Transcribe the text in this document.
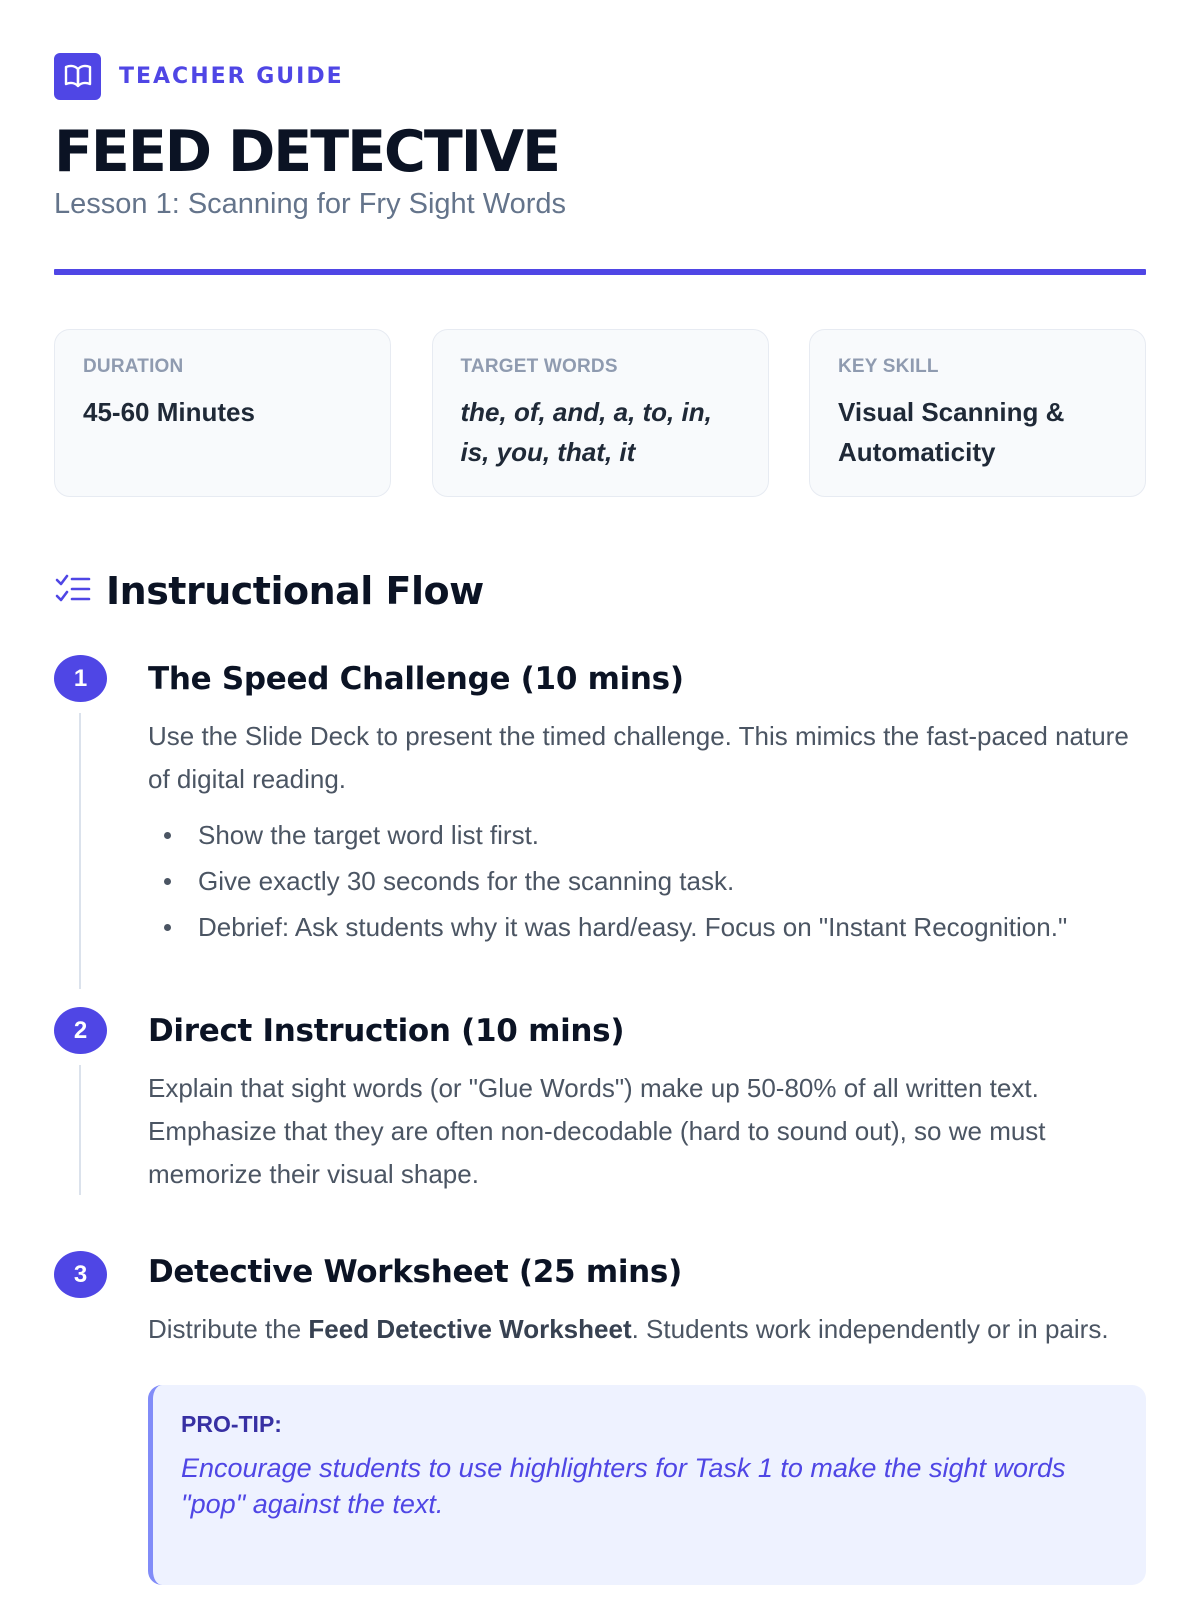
TEACHER GUIDE
FEED DETECTIVE
Lesson 1: Scanning for Fry Sight Words
DURATION
45-60 Minutes
TARGET WORDS
the, of, and, a, to, in, is, you, that, it
KEY SKILL
Visual Scanning & Automaticity
Instructional Flow
1	The Speed Challenge (10 mins)

Use the Slide Deck to present the timed challenge. This mimics the fast-paced nature of digital reading.

Show the target word list first.
Give exactly 30 seconds for the scanning task.
Debrief: Ask students why it was hard/easy. Focus on "Instant Recognition."
2	Direct Instruction (10 mins)

Explain that sight words (or "Glue Words") make up 50-80% of all written text. Emphasize that they are often non-decodable (hard to sound out), so we must memorize their visual shape.

3	Detective Worksheet (25 mins)

Distribute the Feed Detective Worksheet. Students work independently or in pairs.

PRO-TIP:
Encourage students to use highlighters for Task 1 to make the sight words "pop" against the text.
